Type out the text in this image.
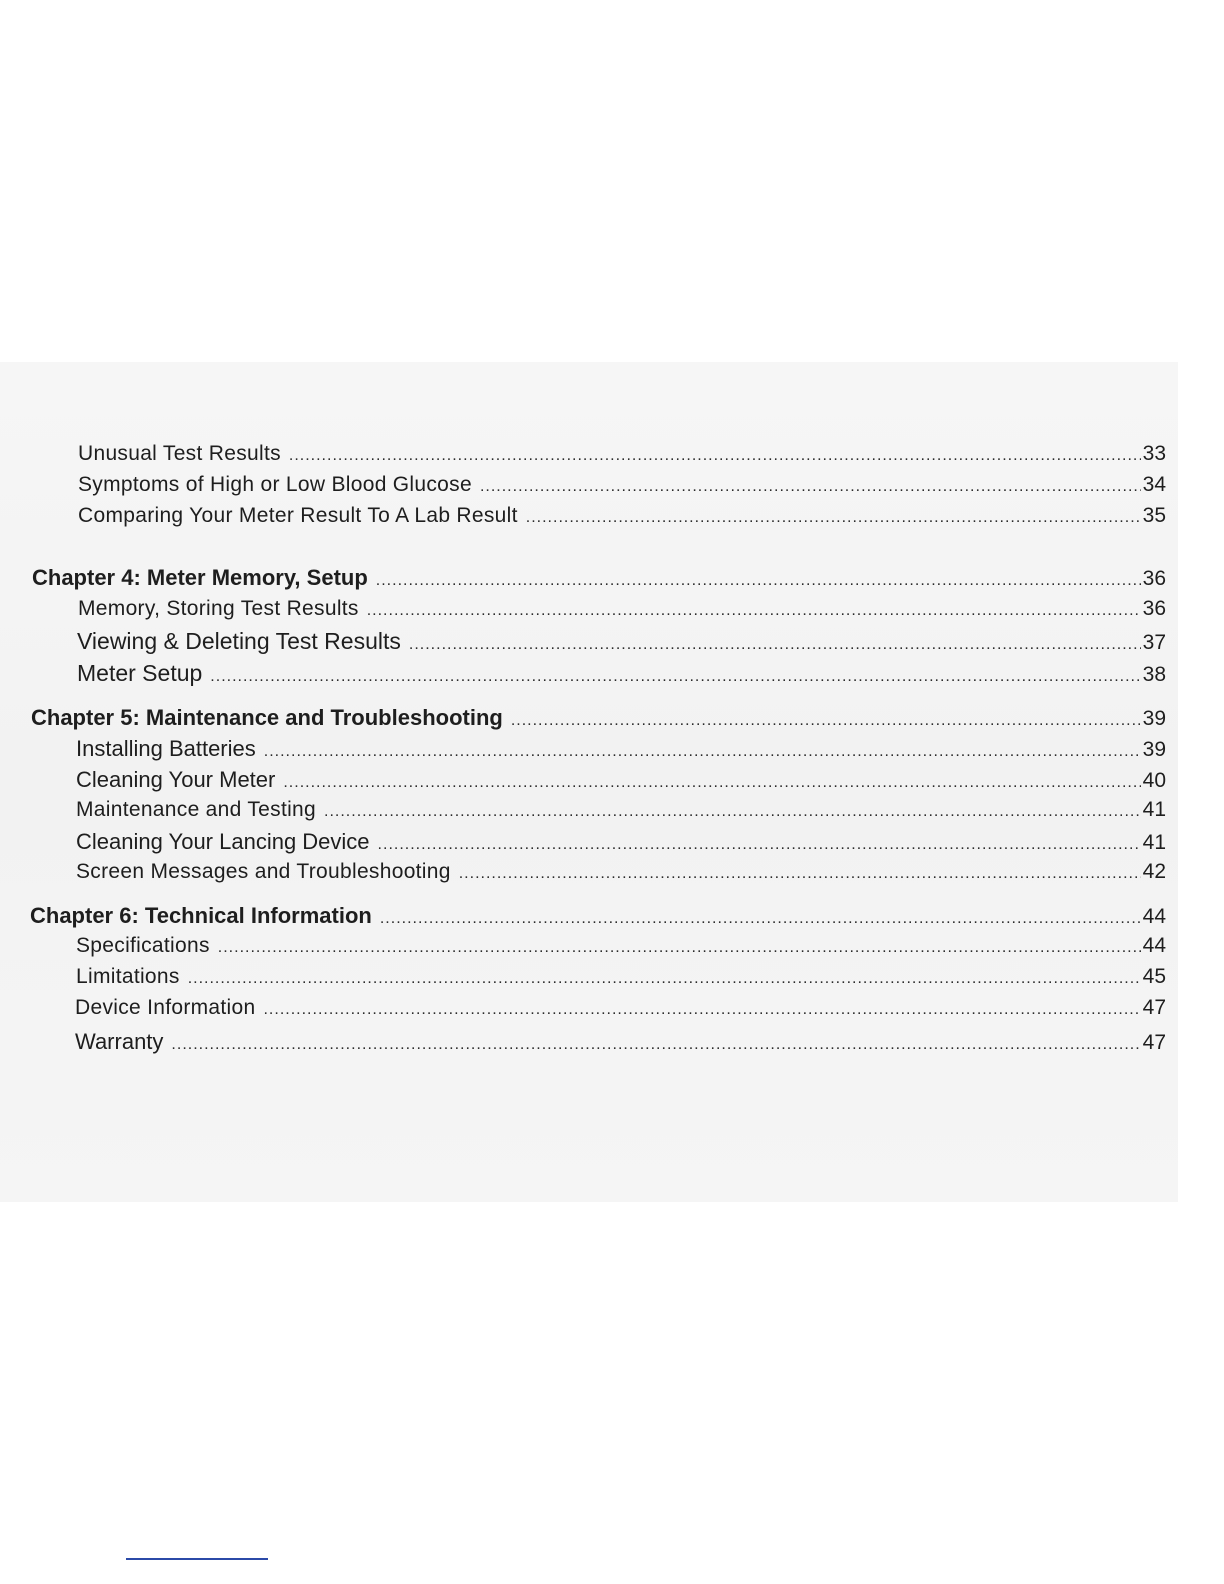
Unusual Test Results .....	33
Symptoms of High or Low Blood Glucose .....	34
Comparing Your Meter Result To A Lab Result .....	35
Chapter 4: Meter Memory, Setup .....	36
Memory, Storing Test Results .....	36
Viewing & Deleting Test Results .....	37
Meter Setup .....	38
Chapter 5: Maintenance and Troubleshooting .....	39
Installing Batteries .....	39
Cleaning Your Meter .....	40
Maintenance and Testing .....	41
Cleaning Your Lancing Device .....	41
Screen Messages and Troubleshooting .....	42
Chapter 6: Technical Information .....	44
Specifications .....	44
Limitations .....	45
Device Information .....	47
Warranty .....	47
